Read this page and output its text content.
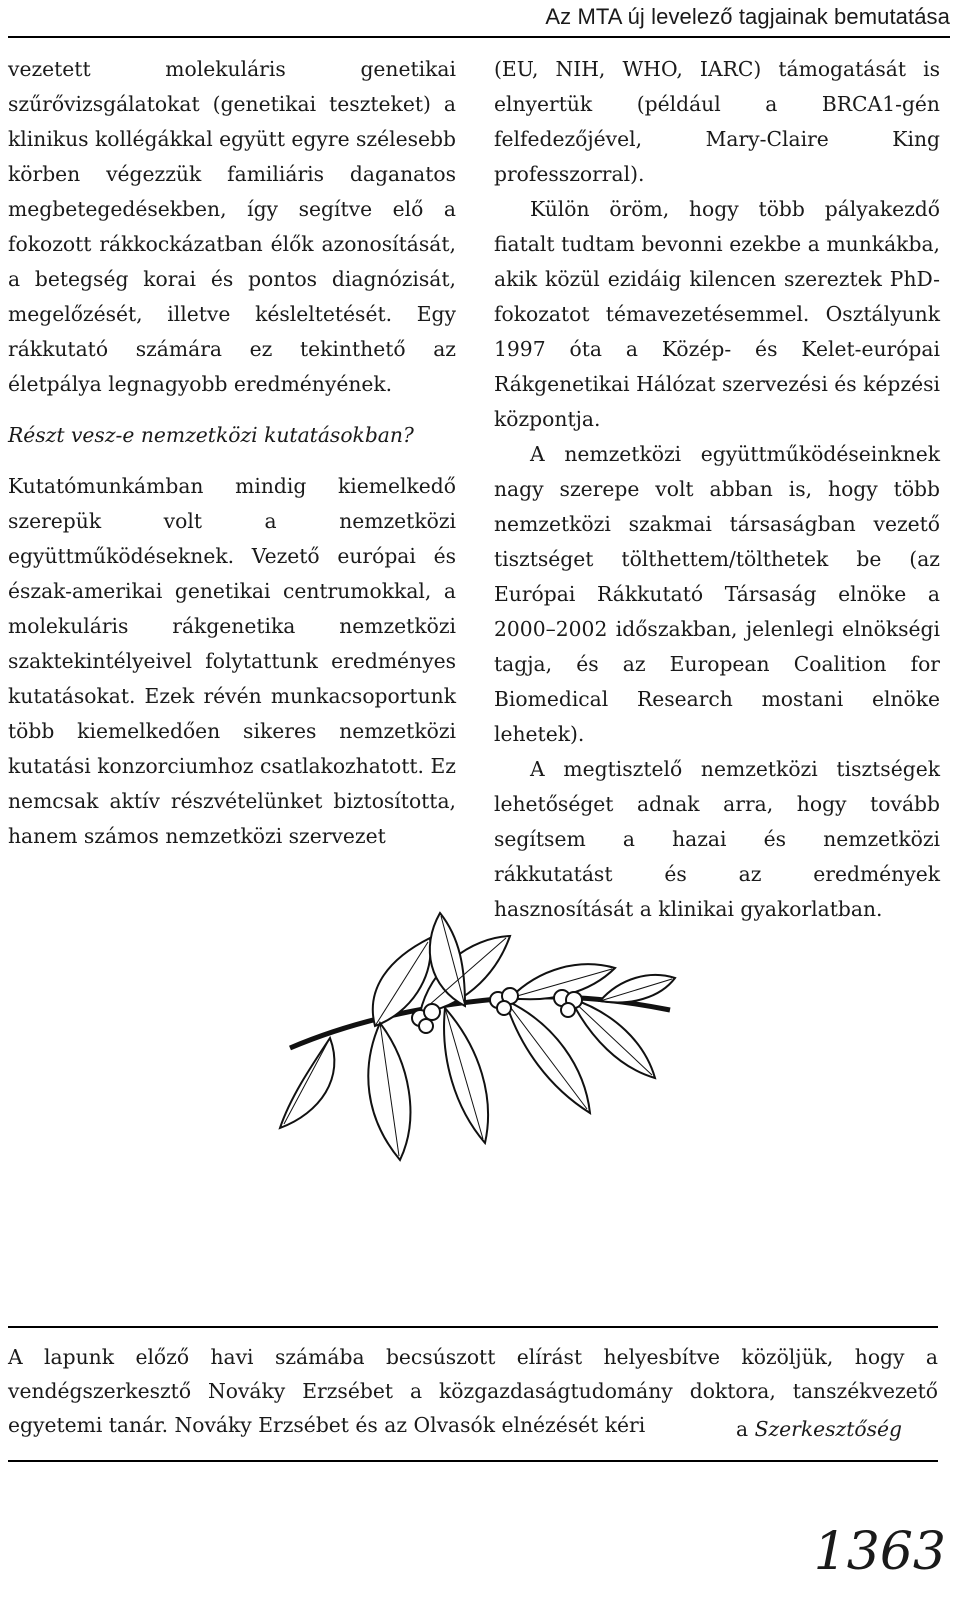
Az MTA új levelező tagjainak bemutatása

vezetett molekuláris genetikai szűrővizsgálatokat (genetikai teszteket) a klinikus kollégákkal együtt egyre szélesebb körben végezzük familiáris daganatos megbetegedésekben, így segítve elő a fokozott rákkockázatban élők azonosítását, a betegség korai és pontos diagnózisát, megelőzését, illetve késleltetését. Egy rákkutató számára ez tekinthető az életpálya legnagyobb eredményének.

Részt vesz-e nemzetközi kutatásokban?

Kutatómunkámban mindig kiemelkedő szerepük volt a nemzetközi együttműködéseknek. Vezető európai és észak-amerikai genetikai centrumokkal, a molekuláris rákgenetika nemzetközi szaktekintélyeivel folytattunk eredményes kutatásokat. Ezek révén munkacsoportunk több kiemelkedően sikeres nemzetközi kutatási konzorciumhoz csatlakozhatott. Ez nemcsak aktív részvételünket biztosította, hanem számos nemzetközi szervezet

(EU, NIH, WHO, IARC) támogatását is elnyertük (például a BRCA1-gén felfedezőjével, Mary-Claire King professzorral).

Külön öröm, hogy több pályakezdő fiatalt tudtam bevonni ezekbe a munkákba, akik közül ezidáig kilencen szereztek PhD-fokozatot témavezetésemmel. Osztályunk 1997 óta a Közép- és Kelet-európai Rákgenetikai Hálózat szervezési és képzési központja.

A nemzetközi együttműködéseinknek nagy szerepe volt abban is, hogy több nemzetközi szakmai társaságban vezető tisztséget tölthettem/tölthetek be (az Európai Rákkutató Társaság elnöke a 2000–2002 időszakban, jelenlegi elnökségi tagja, és az European Coalition for Biomedical Research mostani elnöke lehetek).

A megtisztelő nemzetközi tisztségek lehetőséget adnak arra, hogy tovább segítsem a hazai és nemzetközi rákkutatást és az eredmények hasznosítását a klinikai gyakorlatban.

A lapunk előző havi számába becsúszott elírást helyesbítve közöljük, hogy a vendégszerkesztő Nováky Erzsébet a közgazdaságtudomány doktora, tanszékvezető egyetemi tanár. Nováky Erzsébet és az Olvasók elnézését kéri	a Szerkesztőség
1363
